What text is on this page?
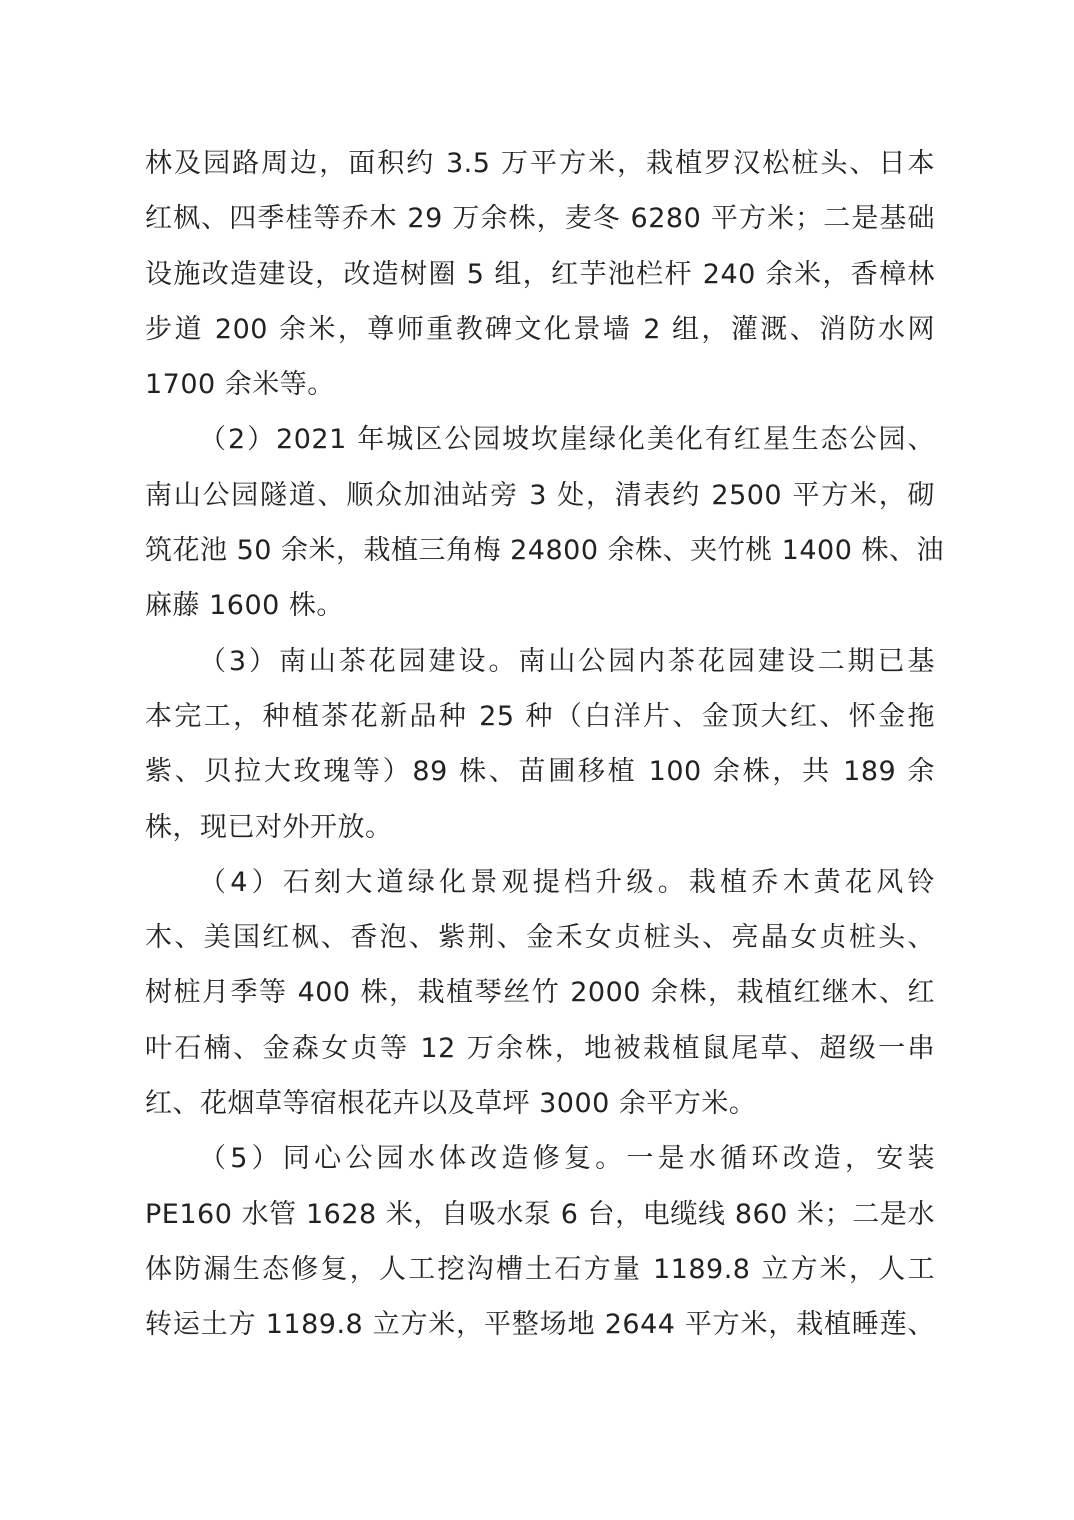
林及园路周边，面积约 3.5 万平方米，栽植罗汉松桩头、日本
红枫、四季桂等乔木 29 万余株，麦冬 6280 平方米；二是基础
设施改造建设，改造树圈 5 组，红芋池栏杆 240 余米，香樟林
步道 200 余米，尊师重教碑文化景墙 2 组，灌溉、消防水网
1700 余米等。
（2）2021 年城区公园坡坎崖绿化美化有红星生态公园、
南山公园隧道、顺众加油站旁 3 处，清表约 2500 平方米，砌
筑花池 50 余米，栽植三角梅 24800 余株、夹竹桃 1400 株、油
麻藤 1600 株。
（3）南山茶花园建设。南山公园内茶花园建设二期已基
本完工，种植茶花新品种 25 种（白洋片、金顶大红、怀金拖
紫、贝拉大玫瑰等）89 株、苗圃移植 100 余株，共 189 余
株，现已对外开放。
（4）石刻大道绿化景观提档升级。栽植乔木黄花风铃
木、美国红枫、香泡、紫荆、金禾女贞桩头、亮晶女贞桩头、
树桩月季等 400 株，栽植琴丝竹 2000 余株，栽植红继木、红
叶石楠、金森女贞等 12 万余株，地被栽植鼠尾草、超级一串
红、花烟草等宿根花卉以及草坪 3000 余平方米。
（5）同心公园水体改造修复。一是水循环改造，安装
PE160 水管 1628 米，自吸水泵 6 台，电缆线 860 米；二是水
体防漏生态修复，人工挖沟槽土石方量 1189.8 立方米，人工
转运土方 1189.8 立方米，平整场地 2644 平方米，栽植睡莲、
